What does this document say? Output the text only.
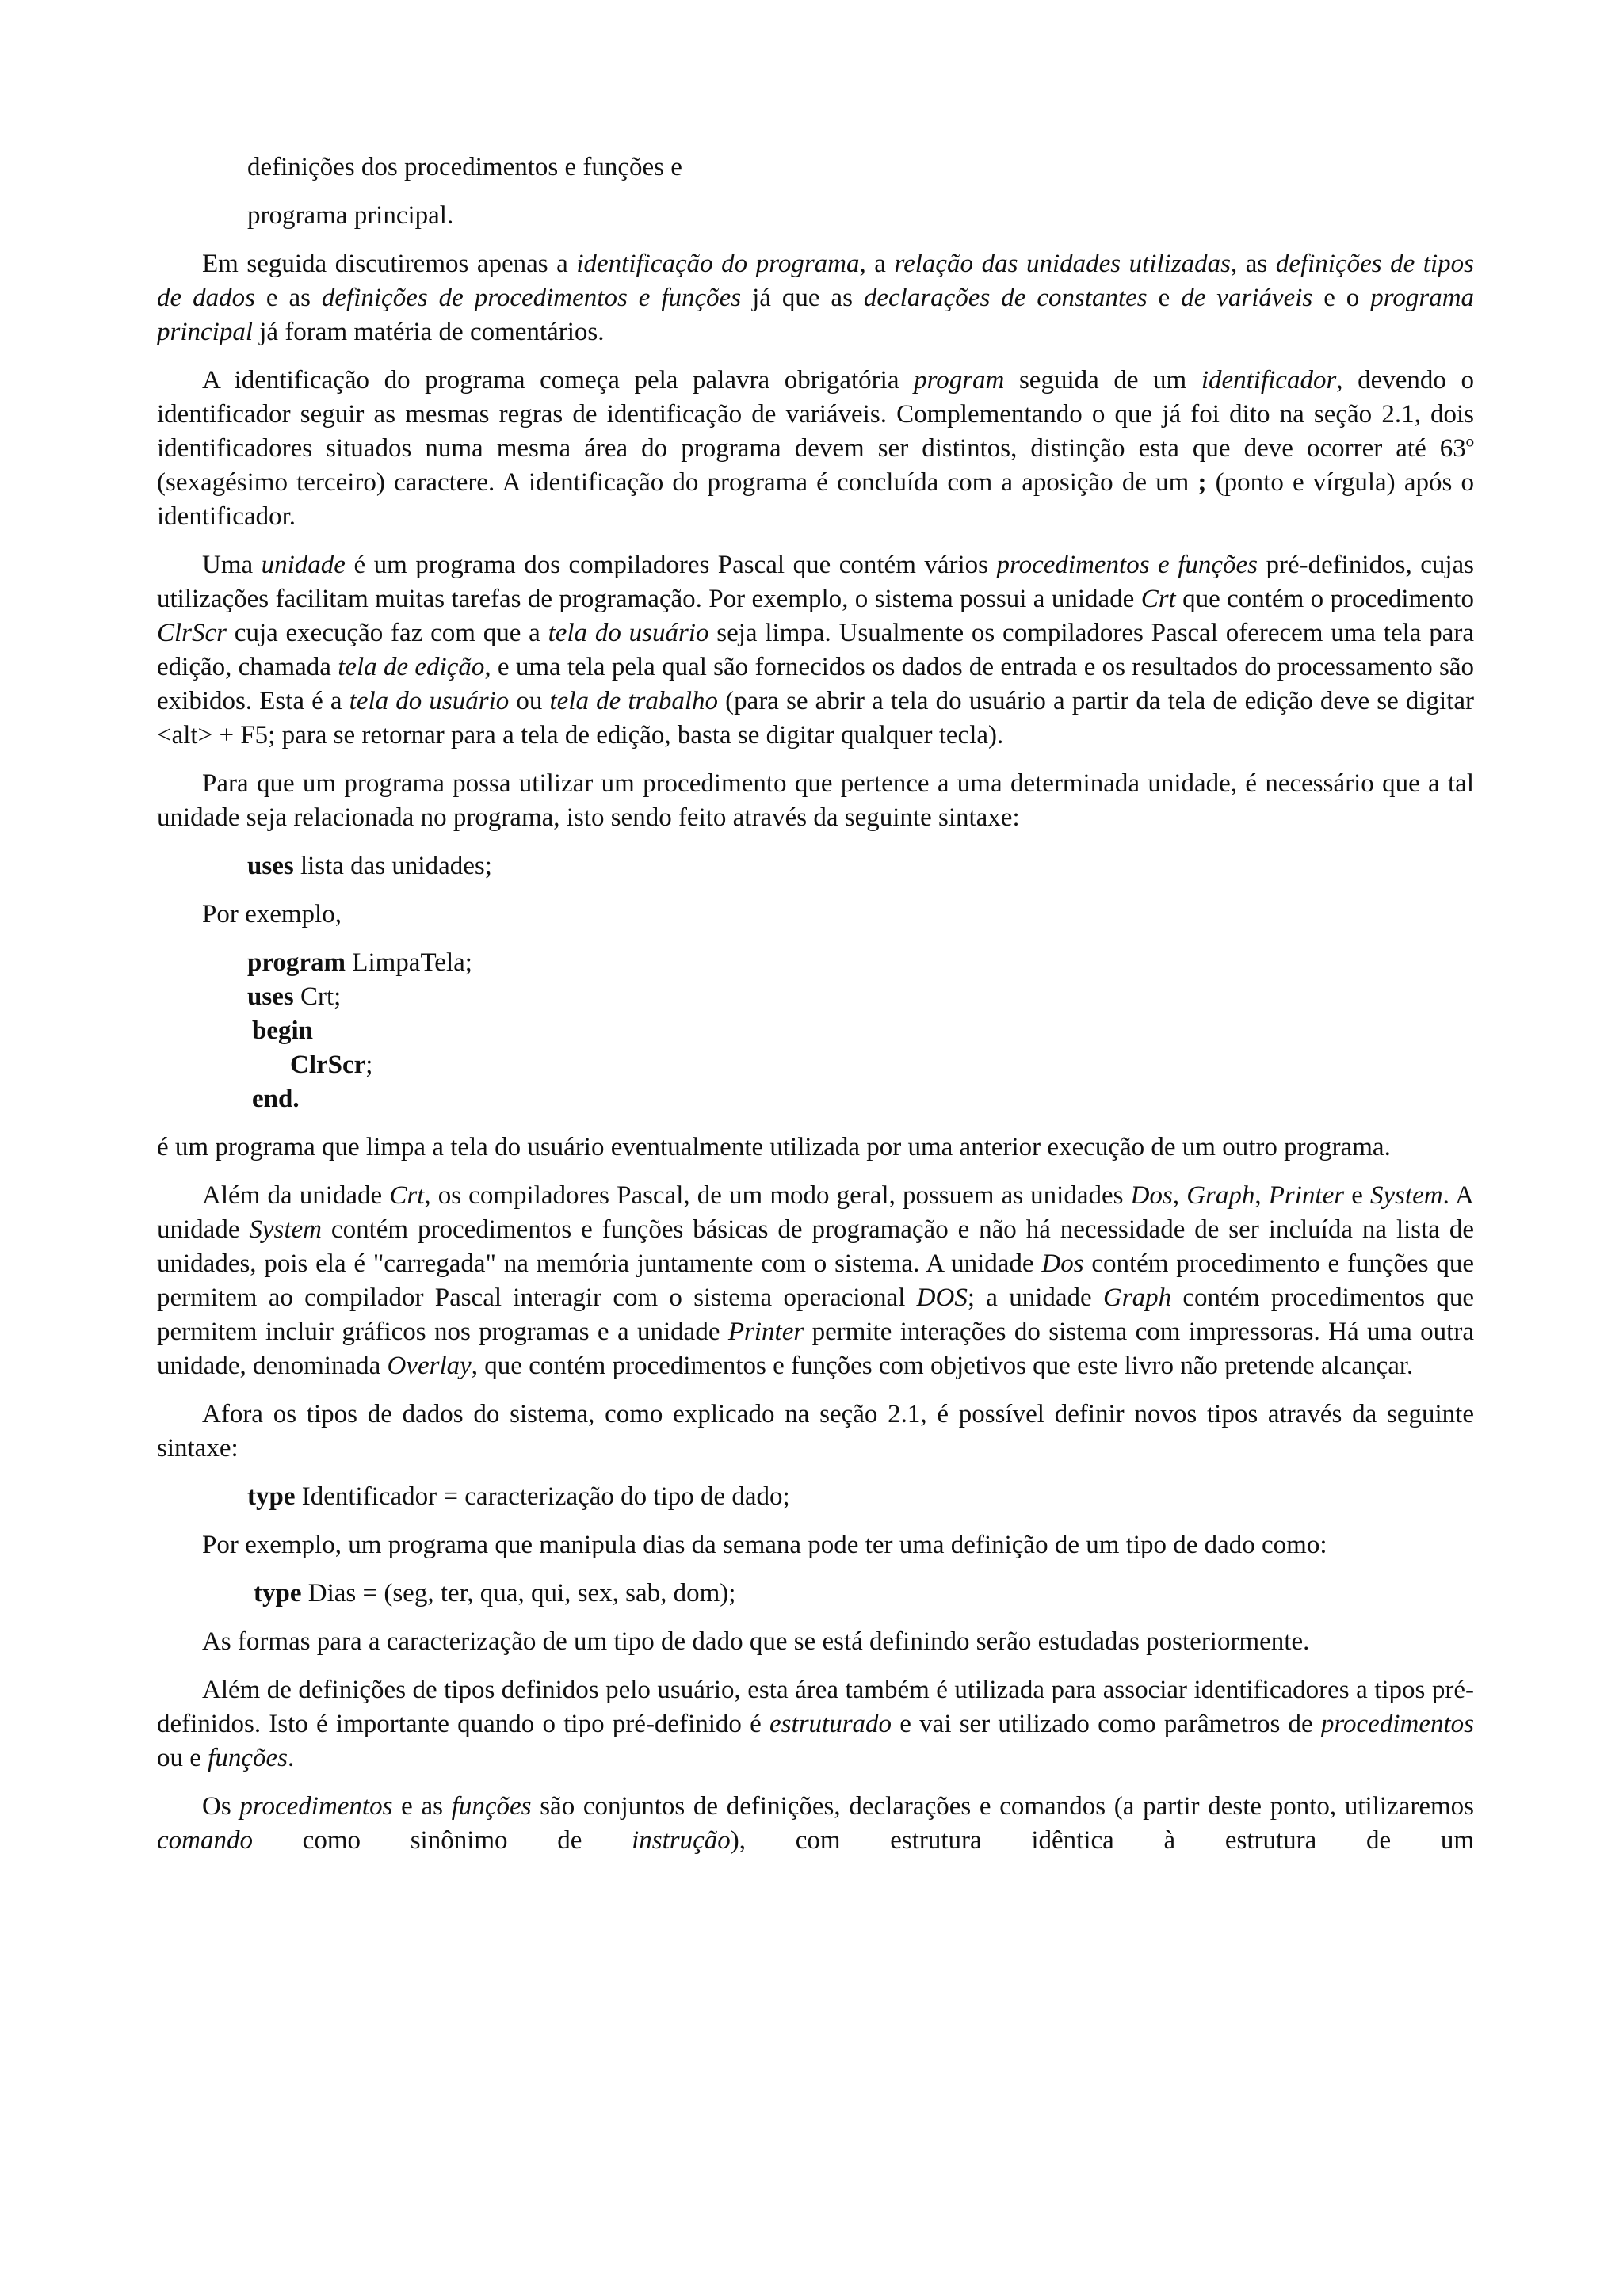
definições dos procedimentos e funções e
programa principal.

Em seguida discutiremos apenas a identificação do programa, a relação das unidades utilizadas, as definições de tipos de dados e as definições de procedimentos e funções já que as declarações de constantes e de variáveis e o programa principal já foram matéria de comentários.

A identificação do programa começa pela palavra obrigatória program seguida de um identificador, devendo o identificador seguir as mesmas regras de identificação de variáveis. Complementando o que já foi dito na seção 2.1, dois identificadores situados numa mesma área do programa devem ser distintos, distinção esta que deve ocorrer até 63º (sexagésimo terceiro) caractere. A identificação do programa é concluída com a aposição de um ; (ponto e vírgula) após o identificador.

Uma unidade é um programa dos compiladores Pascal que contém vários procedimentos e funções pré-definidos, cujas utilizações facilitam muitas tarefas de programação. Por exemplo, o sistema possui a unidade Crt que contém o procedimento ClrScr cuja execução faz com que a tela do usuário seja limpa. Usualmente os compiladores Pascal oferecem uma tela para edição, chamada tela de edição, e uma tela pela qual são fornecidos os dados de entrada e os resultados do processamento são exibidos. Esta é a tela do usuário ou tela de trabalho (para se abrir a tela do usuário a partir da tela de edição deve se digitar <alt> + F5; para se retornar para a tela de edição, basta se digitar qualquer tecla).

Para que um programa possa utilizar um procedimento que pertence a uma determinada unidade, é necessário que a tal unidade seja relacionada no programa, isto sendo feito através da seguinte sintaxe:

uses lista das unidades;
Por exemplo,
program LimpaTela;
uses Crt;
begin
ClrScr;
end.

é um programa que limpa a tela do usuário eventualmente utilizada por uma anterior execução de um outro programa.

Além da unidade Crt, os compiladores Pascal, de um modo geral, possuem as unidades Dos, Graph, Printer e System. A unidade System contém procedimentos e funções básicas de programação e não há necessidade de ser incluída na lista de unidades, pois ela é "carregada" na memória juntamente com o sistema. A unidade Dos contém procedimento e funções que permitem ao compilador Pascal interagir com o sistema operacional DOS; a unidade Graph contém procedimentos que permitem incluir gráficos nos programas e a unidade Printer permite interações do sistema com impressoras. Há uma outra unidade, denominada Overlay, que contém procedimentos e funções com objetivos que este livro não pretende alcançar.

Afora os tipos de dados do sistema, como explicado na seção 2.1, é possível definir novos tipos através da seguinte sintaxe:

type Identificador = caracterização do tipo de dado;

Por exemplo, um programa que manipula dias da semana pode ter uma definição de um tipo de dado como:

type Dias = (seg, ter, qua, qui, sex, sab, dom);

As formas para a caracterização de um tipo de dado que se está definindo serão estudadas posteriormente.

Além de definições de tipos definidos pelo usuário, esta área também é utilizada para associar identificadores a tipos pré-definidos. Isto é importante quando o tipo pré-definido é estruturado e vai ser utilizado como parâmetros de procedimentos ou e funções.

Os procedimentos e as funções são conjuntos de definições, declarações e comandos (a partir deste ponto, utilizaremos comando como sinônimo de instrução), com estrutura idêntica à estrutura de um
